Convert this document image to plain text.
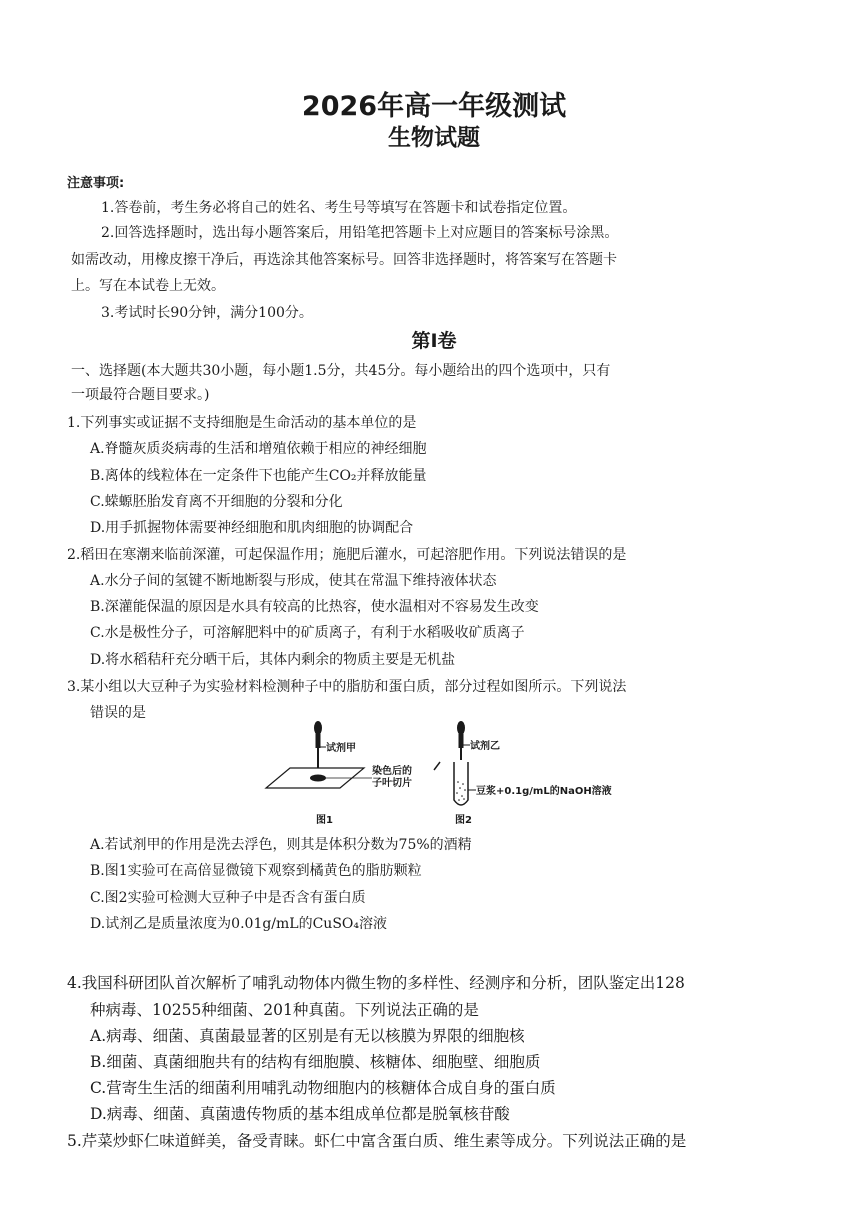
2026年高一年级测试
生物试题
注意事项:
1.答卷前，考生务必将自己的姓名、考生号等填写在答题卡和试卷指定位置。
2.回答选择题时，选出每小题答案后，用铅笔把答题卡上对应题目的答案标号涂黑。
如需改动，用橡皮擦干净后，再选涂其他答案标号。回答非选择题时，将答案写在答题卡
上。写在本试卷上无效。
3.考试时长90分钟，满分100分。
第Ⅰ卷
一、选择题(本大题共30小题，每小题1.5分，共45分。每小题给出的四个选项中，只有
一项最符合题目要求。)
1.下列事实或证据不支持细胞是生命活动的基本单位的是
A.脊髓灰质炎病毒的生活和增殖依赖于相应的神经细胞
B.离体的线粒体在一定条件下也能产生CO₂并释放能量
C.蝾螈胚胎发育离不开细胞的分裂和分化
D.用手抓握物体需要神经细胞和肌肉细胞的协调配合
2.稻田在寒潮来临前深灌，可起保温作用；施肥后灌水，可起溶肥作用。下列说法错误的是
A.水分子间的氢键不断地断裂与形成，使其在常温下维持液体状态
B.深灌能保温的原因是水具有较高的比热容，使水温相对不容易发生改变
C.水是极性分子，可溶解肥料中的矿质离子，有利于水稻吸收矿质离子
D.将水稻秸秆充分晒干后，其体内剩余的物质主要是无机盐
3.某小组以大豆种子为实验材料检测种子中的脂肪和蛋白质，部分过程如图所示。下列说法
错误的是
试剂甲
染色后的
子叶切片
试剂乙
豆浆+0.1g/mL的NaOH溶液
图1	图2
A.若试剂甲的作用是洗去浮色，则其是体积分数为75%的酒精
B.图1实验可在高倍显微镜下观察到橘黄色的脂肪颗粒
C.图2实验可检测大豆种子中是否含有蛋白质
D.试剂乙是质量浓度为0.01g/mL的CuSO₄溶液
4.我国科研团队首次解析了哺乳动物体内微生物的多样性、经测序和分析，团队鉴定出128
种病毒、10255种细菌、201种真菌。下列说法正确的是
A.病毒、细菌、真菌最显著的区别是有无以核膜为界限的细胞核
B.细菌、真菌细胞共有的结构有细胞膜、核糖体、细胞壁、细胞质
C.营寄生生活的细菌利用哺乳动物细胞内的核糖体合成自身的蛋白质
D.病毒、细菌、真菌遗传物质的基本组成单位都是脱氧核苷酸
5.芹菜炒虾仁味道鲜美，备受青睐。虾仁中富含蛋白质、维生素等成分。下列说法正确的是
